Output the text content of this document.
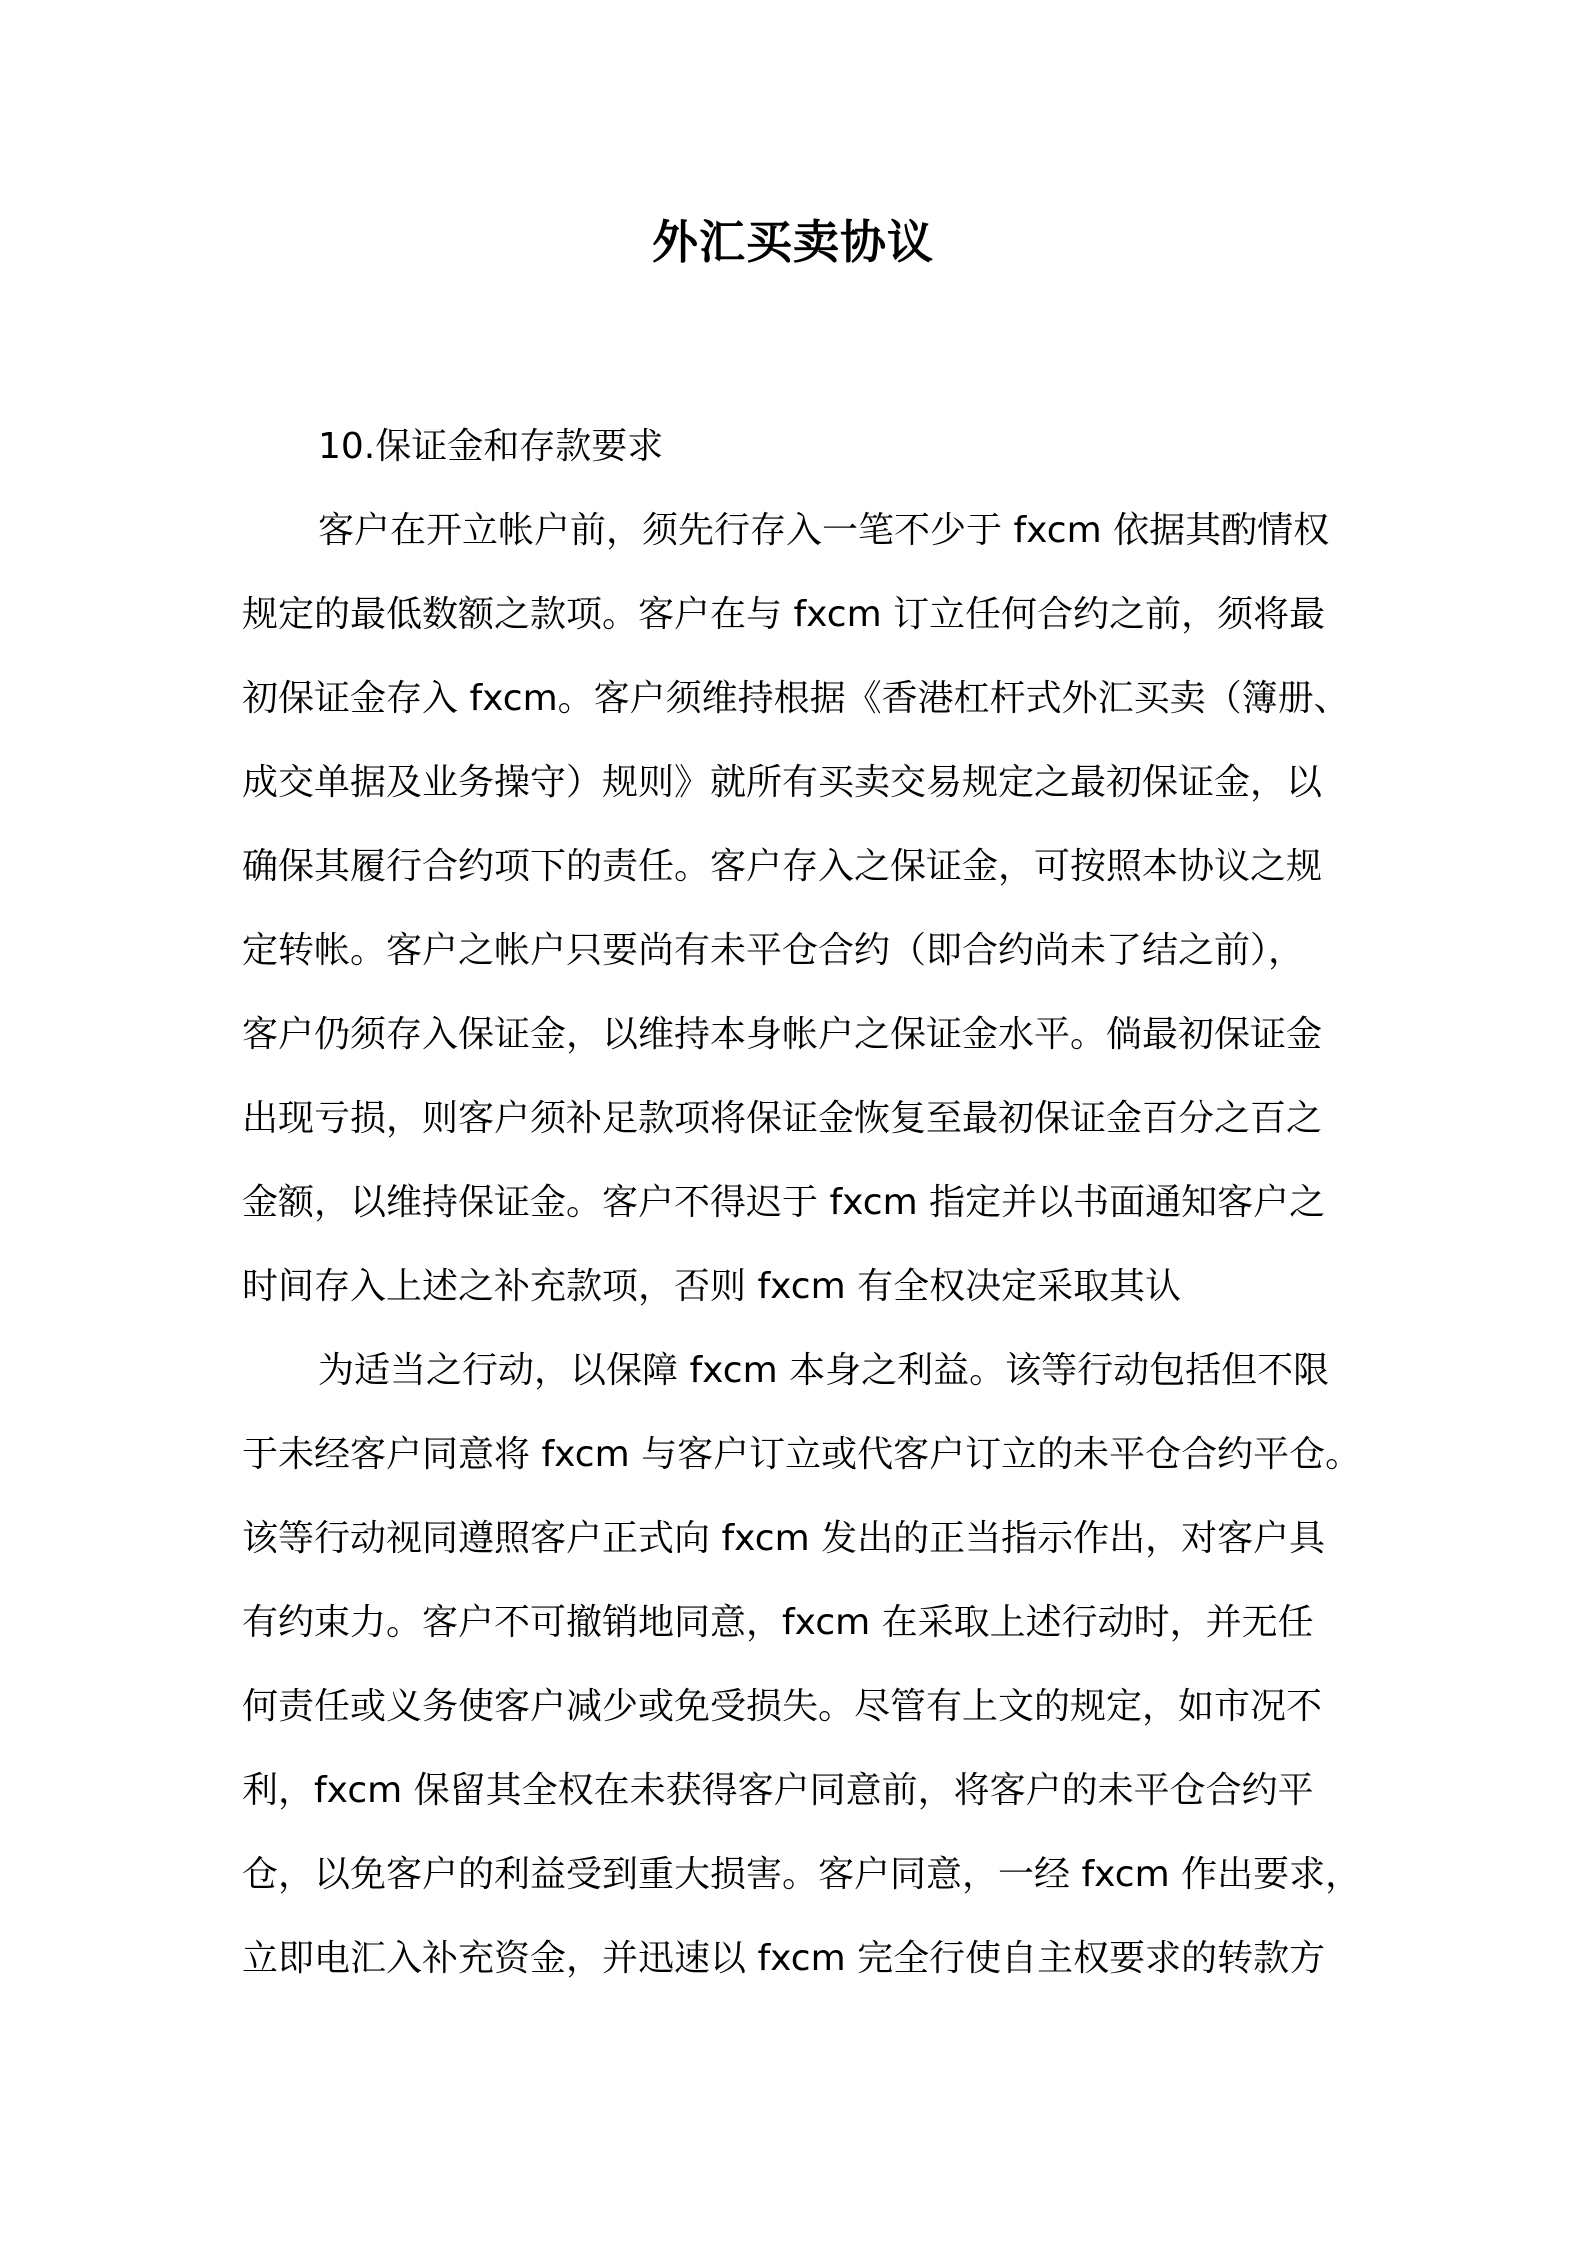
外汇买卖协议
10.保证金和存款要求
客户在开立帐户前，须先行存入一笔不少于 fxcm 依据其酌情权
规定的最低数额之款项。客户在与 fxcm 订立任何合约之前，须将最
初保证金存入 fxcm。客户须维持根据《香港杠杆式外汇买卖（簿册、
成交单据及业务操守）规则》就所有买卖交易规定之最初保证金，以
确保其履行合约项下的责任。客户存入之保证金，可按照本协议之规
定转帐。客户之帐户只要尚有未平仓合约（即合约尚未了结之前），
客户仍须存入保证金，以维持本身帐户之保证金水平。倘最初保证金
出现亏损，则客户须补足款项将保证金恢复至最初保证金百分之百之
金额，以维持保证金。客户不得迟于 fxcm 指定并以书面通知客户之
时间存入上述之补充款项，否则 fxcm 有全权决定采取其认
为适当之行动，以保障 fxcm 本身之利益。该等行动包括但不限
于未经客户同意将 fxcm 与客户订立或代客户订立的未平仓合约平仓。
该等行动视同遵照客户正式向 fxcm 发出的正当指示作出，对客户具
有约束力。客户不可撤销地同意，fxcm 在采取上述行动时，并无任
何责任或义务使客户减少或免受损失。尽管有上文的规定，如市况不
利，fxcm 保留其全权在未获得客户同意前，将客户的未平仓合约平
仓，以免客户的利益受到重大损害。客户同意，一经 fxcm 作出要求，
立即电汇入补充资金，并迅速以 fxcm 完全行使自主权要求的转款方
